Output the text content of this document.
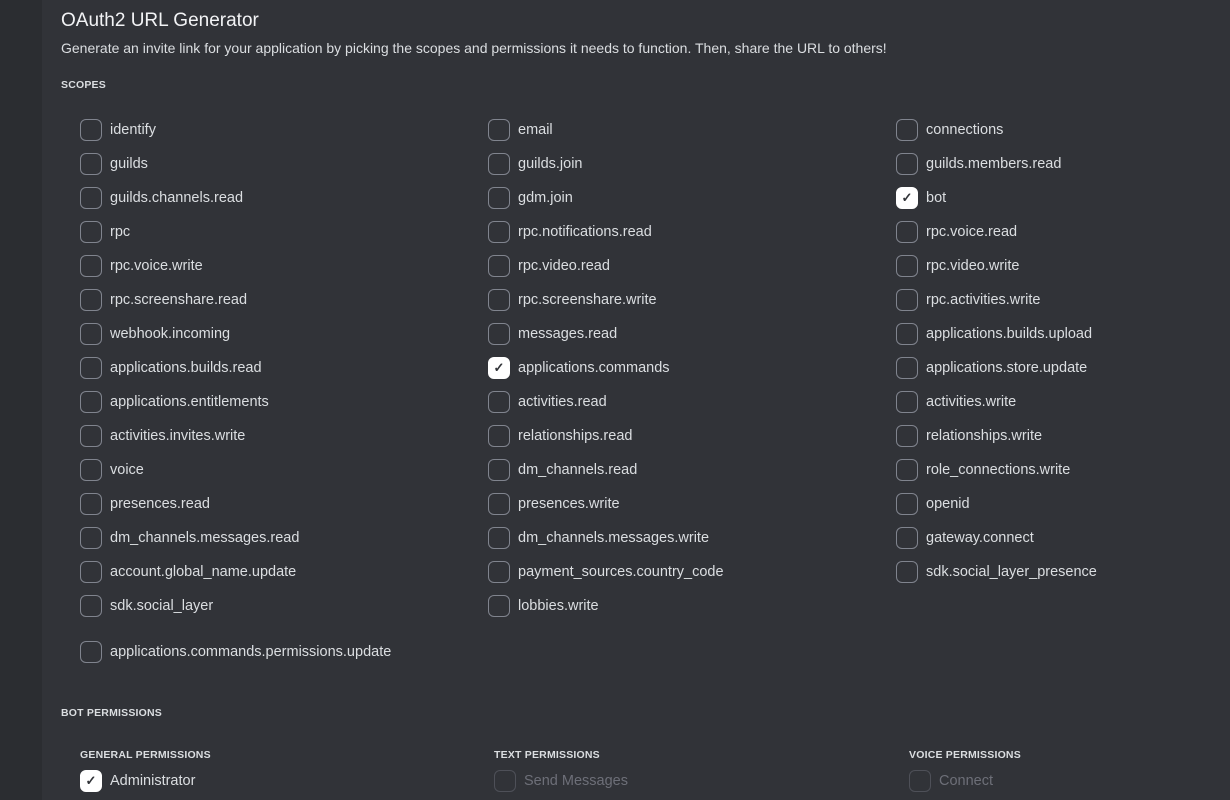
OAuth2 URL Generator
Generate an invite link for your application by picking the scopes and permissions it needs to function. Then, share the URL to others!
SCOPES
identify
guilds
guilds.channels.read
rpc
rpc.voice.write
rpc.screenshare.read
webhook.incoming
applications.builds.read
applications.entitlements
activities.invites.write
voice
presences.read
dm_channels.messages.read
account.global_name.update
sdk.social_layer
email
guilds.join
gdm.join
rpc.notifications.read
rpc.video.read
rpc.screenshare.write
messages.read
✓ applications.commands
activities.read
relationships.read
dm_channels.read
presences.write
dm_channels.messages.write
payment_sources.country_code
lobbies.write
connections
guilds.members.read
✓ bot
rpc.voice.read
rpc.video.write
rpc.activities.write
applications.builds.upload
applications.store.update
activities.write
relationships.write
role_connections.write
openid
gateway.connect
sdk.social_layer_presence
applications.commands.permissions.update
BOT PERMISSIONS
GENERAL PERMISSIONS
✓ Administrator
TEXT PERMISSIONS
Send Messages
VOICE PERMISSIONS
Connect
